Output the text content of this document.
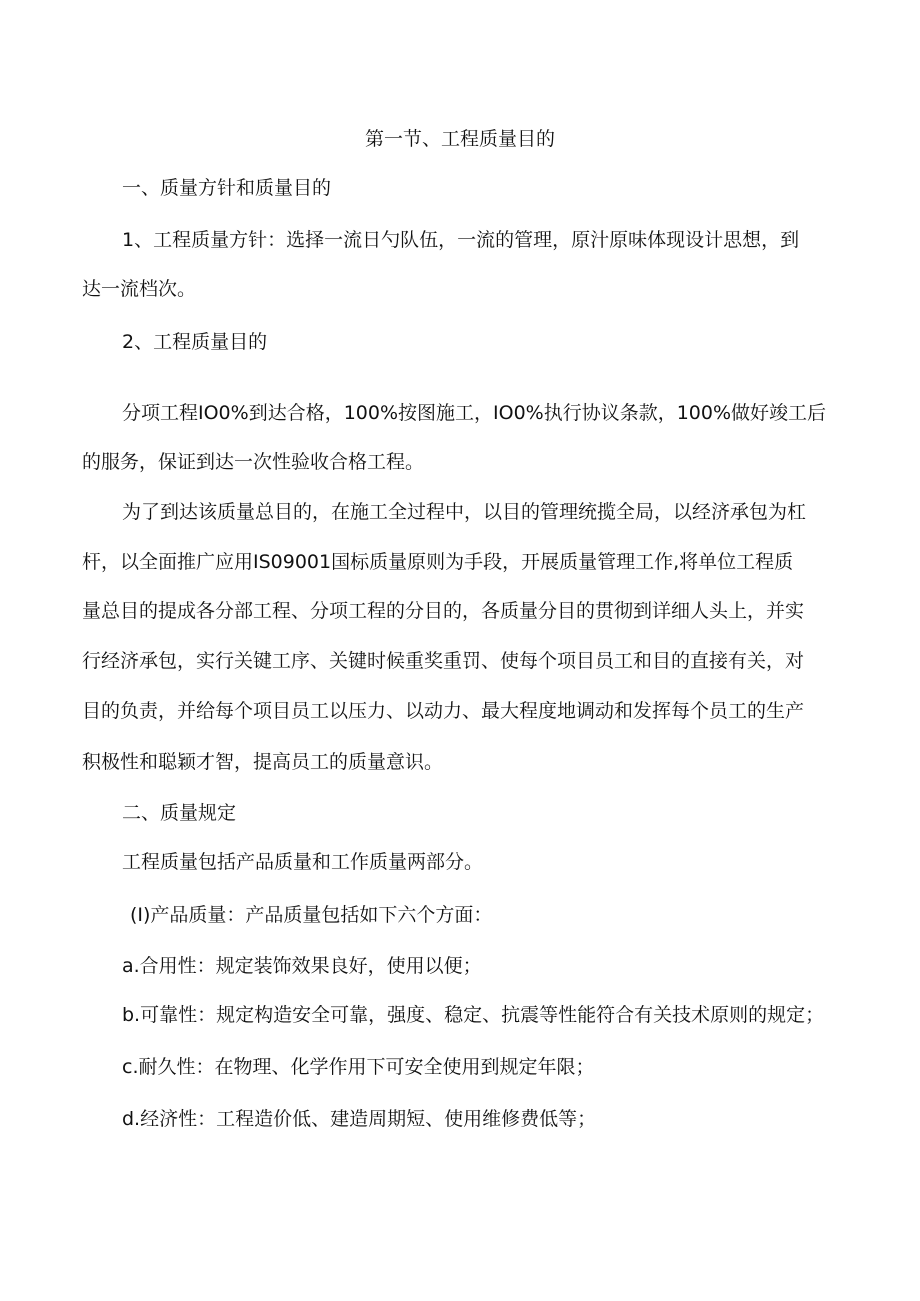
第一节、工程质量目的
一、质量方针和质量目的
1、工程质量方针：选择一流日勺队伍，一流的管理，原汁原味体现设计思想，到
达一流档次。
2、工程质量目的
分项工程IO0%到达合格，100%按图施工，IO0%执行协议条款，100%做好竣工后
的服务，保证到达一次性验收合格工程。
为了到达该质量总目的，在施工全过程中，以目的管理统揽全局，以经济承包为杠
杆，以全面推广应用IS09001国标质量原则为手段，开展质量管理工作,将单位工程质
量总目的提成各分部工程、分项工程的分目的，各质量分目的贯彻到详细人头上，并实
行经济承包，实行关键工序、关键时候重奖重罚、使每个项目员工和目的直接有关，对
目的负责，并给每个项目员工以压力、以动力、最大程度地调动和发挥每个员工的生产
积极性和聪颖才智，提高员工的质量意识。
二、质量规定
工程质量包括产品质量和工作质量两部分。
(I)产品质量：产品质量包括如下六个方面：
a.合用性：规定装饰效果良好，使用以便；
b.可靠性：规定构造安全可靠，强度、稳定、抗震等性能符合有关技术原则的规定；
c.耐久性：在物理、化学作用下可安全使用到规定年限；
d.经济性：工程造价低、建造周期短、使用维修费低等；
